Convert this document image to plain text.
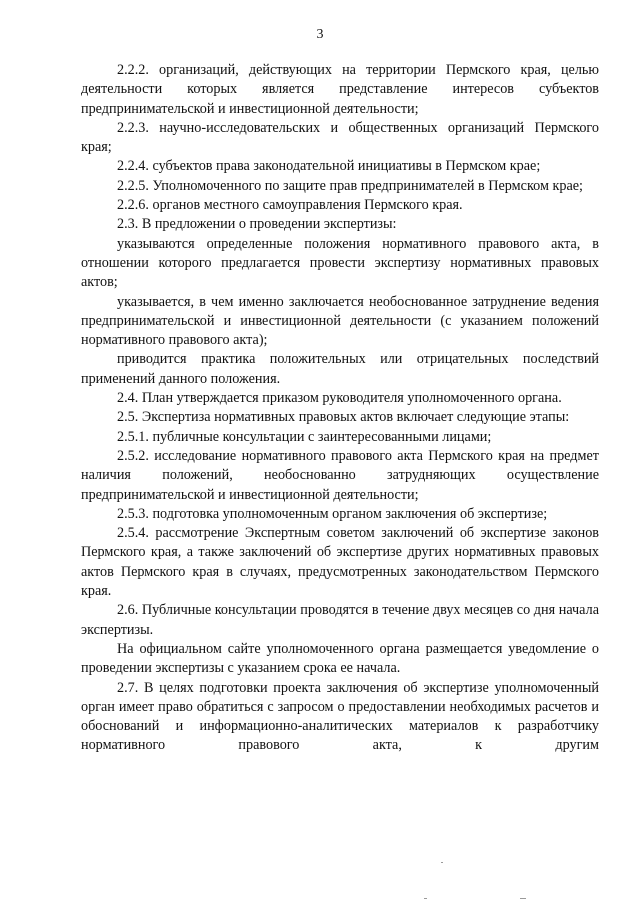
3

2.2.2. организаций, действующих на территории Пермского края, целью деятельности которых является представление интересов субъектов предпринимательской и инвестиционной деятельности;

2.2.3. научно-исследовательских и общественных организаций Пермского края;

2.2.4. субъектов права законодательной инициативы в Пермском крае;

2.2.5. Уполномоченного по защите прав предпринимателей в Пермском крае;

2.2.6. органов местного самоуправления Пермского края.

2.3. В предложении о проведении экспертизы:

указываются определенные положения нормативного правового акта, в отношении которого предлагается провести экспертизу нормативных правовых актов;

указывается, в чем именно заключается необоснованное затруднение ведения предпринимательской и инвестиционной деятельности (с указанием положений нормативного правового акта);

приводится практика положительных или отрицательных последствий применений данного положения.

2.4. План утверждается приказом руководителя уполномоченного органа.

2.5. Экспертиза нормативных правовых актов включает следующие этапы:

2.5.1. публичные консультации с заинтересованными лицами;

2.5.2. исследование нормативного правового акта Пермского края на предмет наличия положений, необоснованно затрудняющих осуществление предпринимательской и инвестиционной деятельности;

2.5.3. подготовка уполномоченным органом заключения об экспертизе;

2.5.4. рассмотрение Экспертным советом заключений об экспертизе законов Пермского края, а также заключений об экспертизе других нормативных правовых актов Пермского края в случаях, предусмотренных законодательством Пермского края.

2.6. Публичные консультации проводятся в течение двух месяцев со дня начала экспертизы.

На официальном сайте уполномоченного органа размещается уведомление о проведении экспертизы с указанием срока ее начала.

2.7. В целях подготовки проекта заключения об экспертизе уполномоченный орган имеет право обратиться с запросом о предоставлении необходимых расчетов и обоснований и информационно-аналитических материалов к разработчику нормативного правового акта, к другим
